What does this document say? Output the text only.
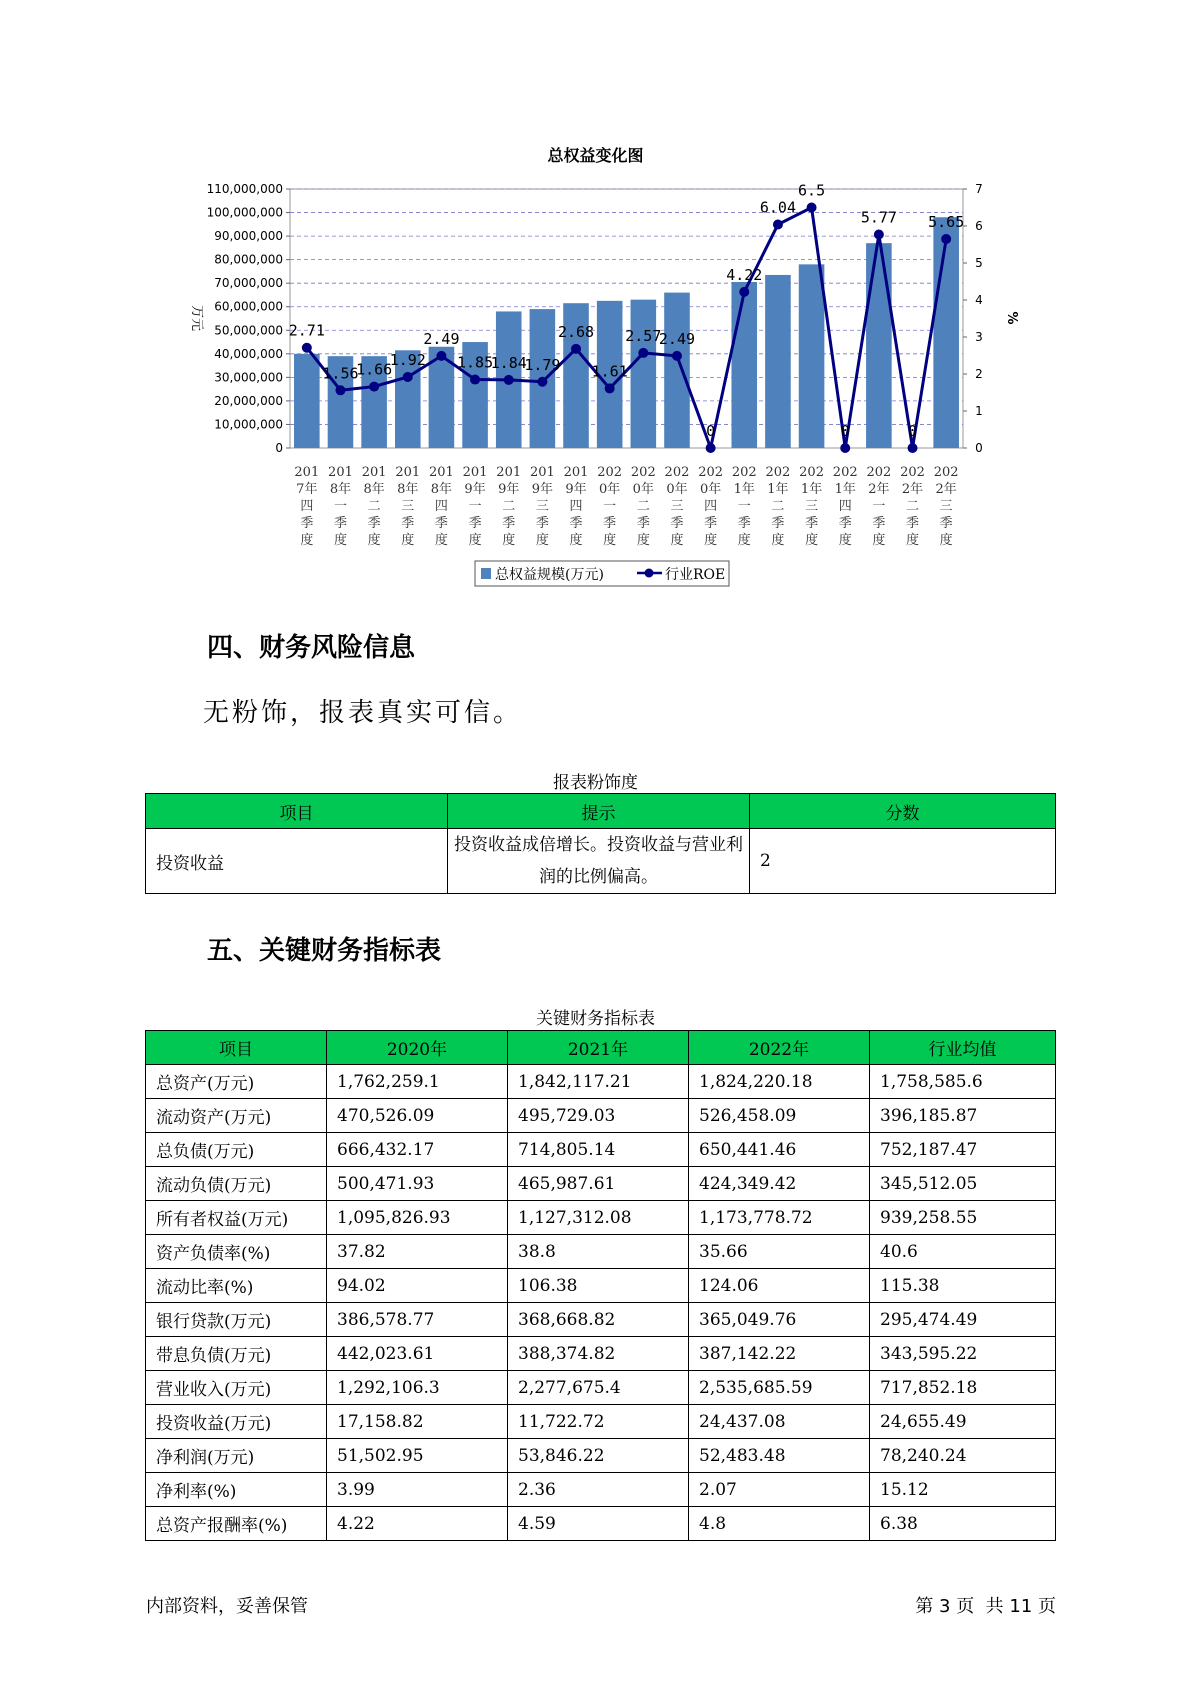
总权益变化图
0
10,000,000
20,000,000
30,000,000
40,000,000
50,000,000
60,000,000
70,000,000
80,000,000
90,000,000
100,000,000
110,000,000
0
1
2
3
4
5
6
7
万元	%
201 7年四季度
201 8年一季度
201 8年二季度
201 8年三季度
201 8年四季度
201 9年一季度
201 9年二季度
201 9年三季度
201 9年四季度
202 0年一季度
202 0年二季度
202 0年三季度
202 0年四季度
202 1年一季度
202 1年二季度
202 1年三季度
202 1年四季度
202 2年一季度
202 2年二季度
202 2年三季度
2.71
1.56
1.66
1.92
2.49
1.85
1.84
1.79
2.68
1.61
2.57
2.49
0
4.22
6.04
6.5
0
5.77
0
5.65
总权益规模(万元)	行业ROE
四、财务风险信息
无粉饰，报表真实可信。
报表粉饰度
项目	提示	分数
投资收益	投资收益成倍增长。投资收益与营业利润的比例偏高。	2
五、关键财务指标表
关键财务指标表
项目	2020年	2021年	2022年	行业均值
总资产(万元)	1,762,259.1	1,842,117.21	1,824,220.18	1,758,585.6
流动资产(万元)	470,526.09	495,729.03	526,458.09	396,185.87
总负债(万元)	666,432.17	714,805.14	650,441.46	752,187.47
流动负债(万元)	500,471.93	465,987.61	424,349.42	345,512.05
所有者权益(万元)	1,095,826.93	1,127,312.08	1,173,778.72	939,258.55
资产负债率(%)	37.82	38.8	35.66	40.6
流动比率(%)	94.02	106.38	124.06	115.38
银行贷款(万元)	386,578.77	368,668.82	365,049.76	295,474.49
带息负债(万元)	442,023.61	388,374.82	387,142.22	343,595.22
营业收入(万元)	1,292,106.3	2,277,675.4	2,535,685.59	717,852.18
投资收益(万元)	17,158.82	11,722.72	24,437.08	24,655.49
净利润(万元)	51,502.95	53,846.22	52,483.48	78,240.24
净利率(%)	3.99	2.36	2.07	15.12
总资产报酬率(%)	4.22	4.59	4.8	6.38
内部资料，妥善保管	第 3 页  共 11 页
